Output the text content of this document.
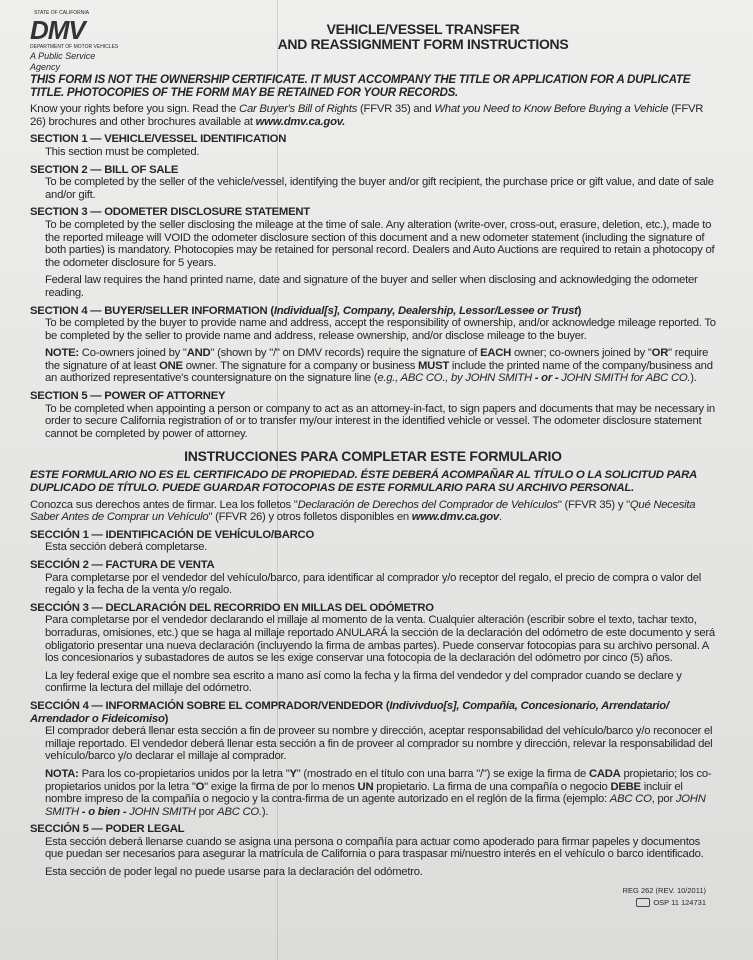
STATE OF CALIFORNIA
DMV
DEPARTMENT OF MOTOR VEHICLES
A Public Service Agency
VEHICLE/VESSEL TRANSFER
AND REASSIGNMENT FORM INSTRUCTIONS
THIS FORM IS NOT THE OWNERSHIP CERTIFICATE. IT MUST ACCOMPANY THE TITLE OR APPLICATION FOR A DUPLICATE TITLE. PHOTOCOPIES OF THE FORM MAY BE RETAINED FOR YOUR RECORDS.
Know your rights before you sign. Read the Car Buyer's Bill of Rights (FFVR 35) and What you Need to Know Before Buying a Vehicle (FFVR 26) brochures and other brochures available at www.dmv.ca.gov.
SECTION 1 — VEHICLE/VESSEL IDENTIFICATION
This section must be completed.
SECTION 2 — BILL OF SALE
To be completed by the seller of the vehicle/vessel, identifying the buyer and/or gift recipient, the purchase price or gift value, and date of sale and/or gift.
SECTION 3 — ODOMETER DISCLOSURE STATEMENT
To be completed by the seller disclosing the mileage at the time of sale. Any alteration (write-over, cross-out, erasure, deletion, etc.), made to the reported mileage will VOID the odometer disclosure section of this document and a new odometer statement (including the signature of both parties) is mandatory. Photocopies may be retained for personal record. Dealers and Auto Auctions are required to retain a photocopy of the odometer disclosure for 5 years.
Federal law requires the hand printed name, date and signature of the buyer and seller when disclosing and acknowledging the odometer reading.
SECTION 4 — BUYER/SELLER INFORMATION (Individual[s], Company, Dealership, Lessor/Lessee or Trust)
To be completed by the buyer to provide name and address, accept the responsibility of ownership, and/or acknowledge mileage reported. To be completed by the seller to provide name and address, release ownership, and/or disclose mileage to the buyer.
NOTE: Co-owners joined by "AND" (shown by "/" on DMV records) require the signature of EACH owner; co-owners joined by "OR" require the signature of at least ONE owner. The signature for a company or business MUST include the printed name of the company/business and an authorized representative's countersignature on the signature line (e.g., ABC CO., by JOHN SMITH - or - JOHN SMITH for ABC CO.).
SECTION 5 — POWER OF ATTORNEY
To be completed when appointing a person or company to act as an attorney-in-fact, to sign papers and documents that may be necessary in order to secure California registration of or to transfer my/our interest in the identified vehicle or vessel. The odometer disclosure statement cannot be completed by power of attorney.
INSTRUCCIONES PARA COMPLETAR ESTE FORMULARIO
ESTE FORMULARIO NO ES EL CERTIFICADO DE PROPIEDAD. ÉSTE DEBERÁ ACOMPAÑAR AL TÍTULO O LA SOLICITUD PARA DUPLICADO DE TÍTULO. PUEDE GUARDAR FOTOCOPIAS DE ESTE FORMULARIO PARA SU ARCHIVO PERSONAL.
Conozca sus derechos antes de firmar. Lea los folletos "Declaración de Derechos del Comprador de Vehículos" (FFVR 35) y "Qué Necesita Saber Antes de Comprar un Vehículo" (FFVR 26) y otros folletos disponibles en www.dmv.ca.gov.
SECCIÓN 1 — IDENTIFICACIÓN DE VEHÍCULO/BARCO
Esta sección deberá completarse.
SECCIÓN 2 — FACTURA DE VENTA
Para completarse por el vendedor del vehículo/barco, para identificar al comprador y/o receptor del regalo, el precio de compra o valor del regalo y la fecha de la venta y/o regalo.
SECCIÓN 3 — DECLARACIÓN DEL RECORRIDO EN MILLAS DEL ODÓMETRO
Para completarse por el vendedor declarando el millaje al momento de la venta. Cualquier alteración (escribir sobre el texto, tachar texto, borraduras, omisiones, etc.) que se haga al millaje reportado ANULARÁ la sección de la declaración del odómetro de este documento y será obligatorio presentar una nueva declaración (incluyendo la firma de ambas partes). Puede conservar fotocopias para su archivo personal. A los concesionarios y subastadores de autos se les exige conservar una fotocopia de la declaración del odómetro por cinco (5) años.
La ley federal exige que el nombre sea escrito a mano así como la fecha y la firma del vendedor y del comprador cuando se declare y confirme la lectura del millaje del odómetro.
SECCIÓN 4 — INFORMACIÓN SOBRE EL COMPRADOR/VENDEDOR (Indivivduo[s], Compañía, Concesionario, Arrendatario/ Arrendador o Fideicomiso)
El comprador deberá llenar esta sección a fin de proveer su nombre y dirección, aceptar responsabilidad del vehículo/barco y/o reconocer el millaje reportado. El vendedor deberá llenar esta sección a fin de proveer al comprador su nombre y dirección, relevar la responsabilidad del vehículo/barco y/o declarar el millaje al comprador.
NOTA: Para los co-propietarios unidos por la letra "Y" (mostrado en el título con una barra "/") se exige la firma de CADA propietario; los co-propietarios unidos por la letra "O" exige la firma de por lo menos UN propietario. La firma de una compañía o negocio DEBE incluir el nombre impreso de la compañía o negocio y la contra-firma de un agente autorizado en el reglón de la firma (ejemplo: ABC CO, por JOHN SMITH - o bien - JOHN SMITH por ABC CO.).
SECCIÓN 5 — PODER LEGAL
Esta sección deberá llenarse cuando se asigna una persona o compañía para actuar como apoderado para firmar papeles y documentos que puedan ser necesarios para asegurar la matrícula de California o para traspasar mi/nuestro interés en el vehículo o barco identificado.
Esta sección de poder legal no puede usarse para la declaración del odómetro.
REG 262 (REV. 10/2011)
OSP 11 124731
